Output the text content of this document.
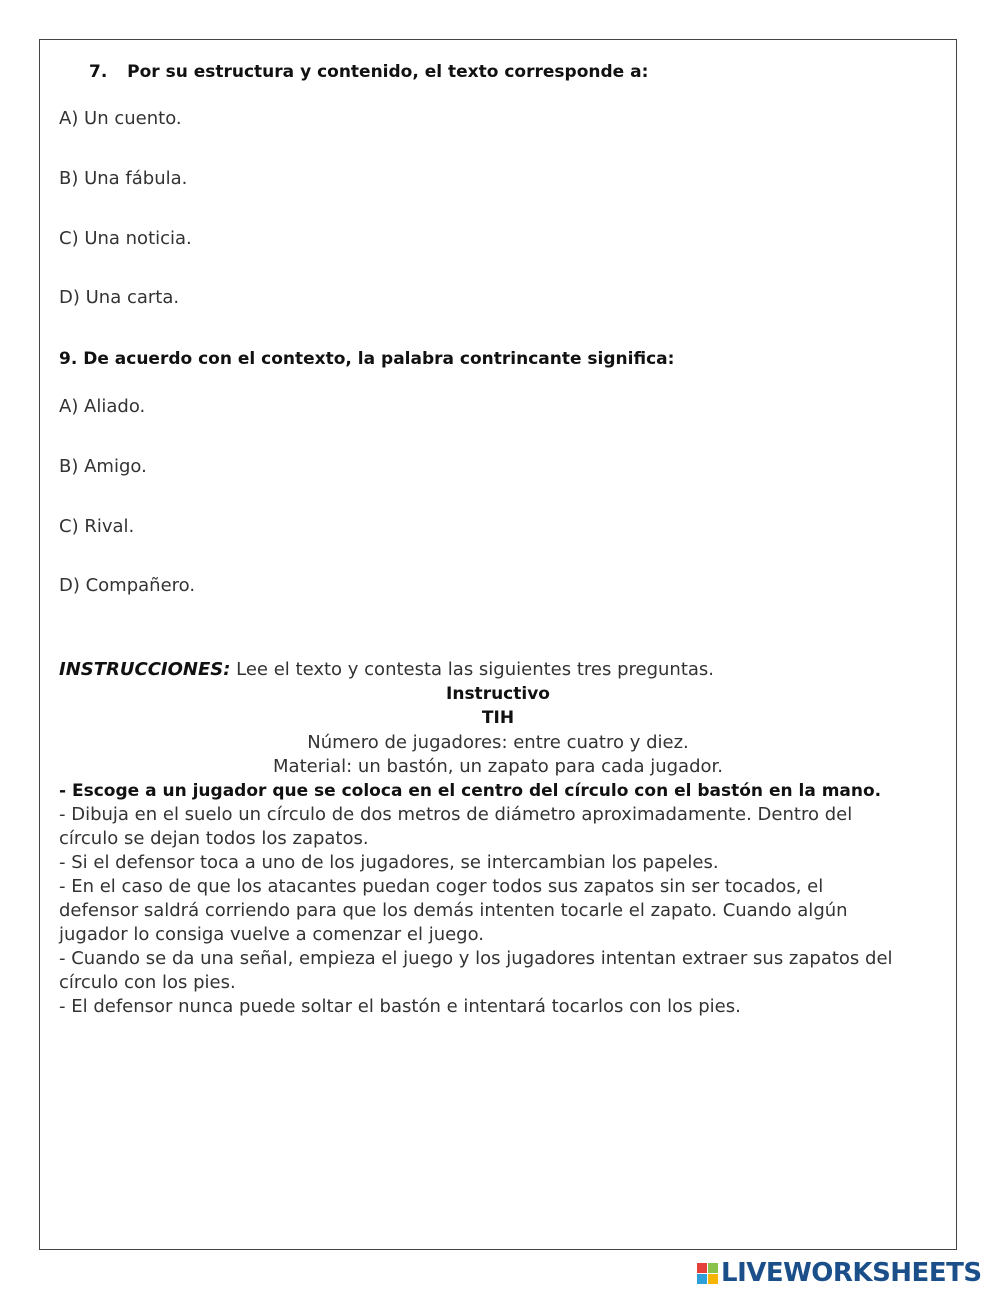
7. Por su estructura y contenido, el texto corresponde a:
A) Un cuento.
B) Una fábula.
C) Una noticia.
D) Una carta.
9. De acuerdo con el contexto, la palabra contrincante significa:
A) Aliado.
B) Amigo.
C) Rival.
D) Compañero.
INSTRUCCIONES: Lee el texto y contesta las siguientes tres preguntas.
Instructivo
TIH
Número de jugadores: entre cuatro y diez.
Material: un bastón, un zapato para cada jugador.
- Escoge a un jugador que se coloca en el centro del círculo con el bastón en la mano.
- Dibuja en el suelo un círculo de dos metros de diámetro aproximadamente. Dentro del
círculo se dejan todos los zapatos.
- Si el defensor toca a uno de los jugadores, se intercambian los papeles.
- En el caso de que los atacantes puedan coger todos sus zapatos sin ser tocados, el
defensor saldrá corriendo para que los demás intenten tocarle el zapato. Cuando algún
jugador lo consiga vuelve a comenzar el juego.
- Cuando se da una señal, empieza el juego y los jugadores intentan extraer sus zapatos del
círculo con los pies.
- El defensor nunca puede soltar el bastón e intentará tocarlos con los pies.
LIVEWORKSHEETS
